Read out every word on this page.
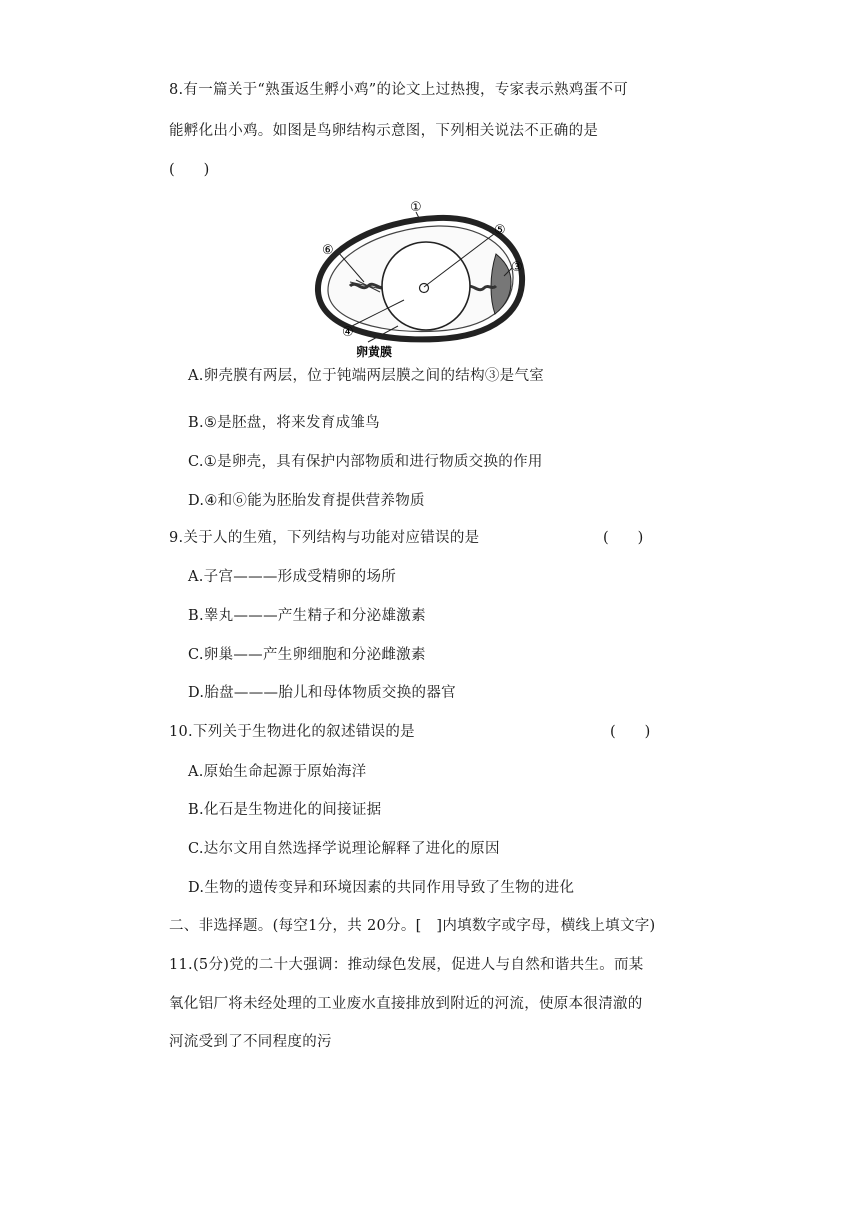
8.有一篇关于“熟蛋返生孵小鸡”的论文上过热搜，专家表示熟鸡蛋不可
能孵化出小鸡。如图是鸟卵结构示意图，下列相关说法不正确的是
(　　)
①
⑤
③
⑥
④
卵黄膜
A.卵壳膜有两层，位于钝端两层膜之间的结构③是气室
B.⑤是胚盘，将来发育成雏鸟
C.①是卵壳，具有保护内部物质和进行物质交换的作用
D.④和⑥能为胚胎发育提供营养物质
9.关于人的生殖，下列结构与功能对应错误的是	(　　)
A.子宫———形成受精卵的场所
B.睾丸———产生精子和分泌雄激素
C.卵巢——产生卵细胞和分泌雌激素
D.胎盘———胎儿和母体物质交换的器官
10.下列关于生物进化的叙述错误的是	(　　)
A.原始生命起源于原始海洋
B.化石是生物进化的间接证据
C.达尔文用自然选择学说理论解释了进化的原因
D.生物的遗传变异和环境因素的共同作用导致了生物的进化
二、非选择题。(每空1分，共 20分。[　]内填数字或字母，横线上填文字)
11.(5分)党的二十大强调：推动绿色发展，促进人与自然和谐共生。而某
氧化铝厂将未经处理的工业废水直接排放到附近的河流，使原本很清澈的
河流受到了不同程度的污
